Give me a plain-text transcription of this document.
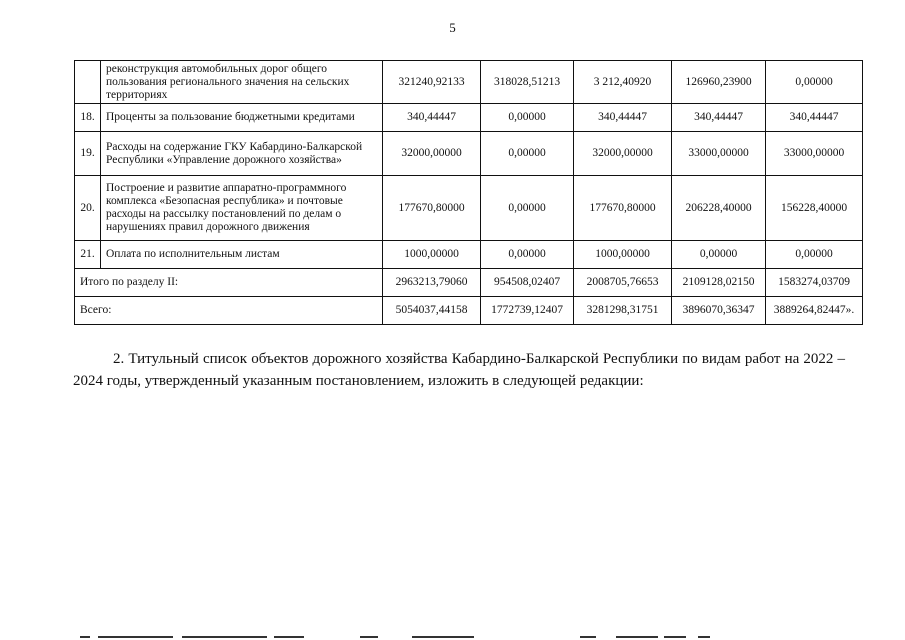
5
	реконструкция автомобильных дорог общего пользования регионального значения на сельских территориях	321240,92133	318028,51213	3 212,40920	126960,23900	0,00000
18.	Проценты за пользование бюджетными кредитами	340,44447	0,00000	340,44447	340,44447	340,44447
19.	Расходы на содержание ГКУ Кабардино-Балкарской Республики «Управление дорожного хозяйства»	32000,00000	0,00000	32000,00000	33000,00000	33000,00000
20.	Построение и развитие аппаратно-программного комплекса «Безопасная республика» и почтовые расходы на рассылку постановлений по делам о нарушениях правил дорожного движения	177670,80000	0,00000	177670,80000	206228,40000	156228,40000
21.	Оплата по исполнительным листам	1000,00000	0,00000	1000,00000	0,00000	0,00000
Итого по разделу II:		2963213,79060	954508,02407	2008705,76653	2109128,02150	1583274,03709
Всего:		5054037,44158	1772739,12407	3281298,31751	3896070,36347	3889264,82447».

2. Титульный список объектов дорожного хозяйства Кабардино-Балкарской Республики по видам работ на 2022 – 2024 годы, утвержденный указанным постановлением, изложить в следующей редакции:
